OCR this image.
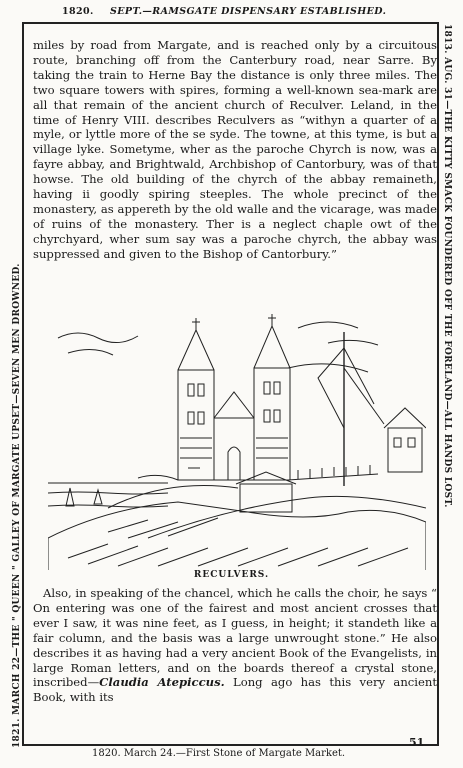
1820. SEPT.—RAMSGATE DISPENSARY ESTABLISHED.
1821. MARCH 22—THE " QUEEN " GALLEY OF MARGATE UPSET—SEVEN MEN DROWNED.	1813. AUG. 31—THE KITTY SMACK FOUNDERED OFF THE FORELAND—ALL HANDS LOST.

miles by road from Margate, and is reached only by a circuitous route, branching off from the Canterbury road, near Sarre. By taking the train to Herne Bay the distance is only three miles. The two square towers with spires, forming a well-known sea-mark are all that remain of the ancient church of Reculver. Leland, in the time of Henry VIII. describes Reculvers as “withyn a quarter of a myle, or lyttle more of the se syde. The towne, at this tyme, is but a village lyke. Sometyme, wher as the paroche Chyrch is now, was a fayre abbay, and Brightwald, Archbishop of Cantorbury, was of that howse. The old building of the chyrch of the abbay remaineth, having ii goodly spiring steeples. The whole precinct of the monastery, as appereth by the old walle and the vicarage, was made of ruins of the monastery. Ther is a neglect chaple owt of the chyrchyard, wher sum say was a paroche chyrch, the abbay was suppressed and given to the Bishop of Cantorbury.”

RECULVERS.

Also, in speaking of the chancel, which he calls the choir, he says “ On entering was one of the fairest and most ancient crosses that ever I saw, it was nine feet, as I guess, in height; it standeth like a fair column, and the basis was a large unwrought stone.” He also describes it as having had a very ancient Book of the Evangelists, in large Roman letters, and on the boards thereof a crystal stone, inscribed—Claudia Atepiccus. Long ago has this very ancient Book, with its

1820. March 24.—First Stone of Margate Market.
51
